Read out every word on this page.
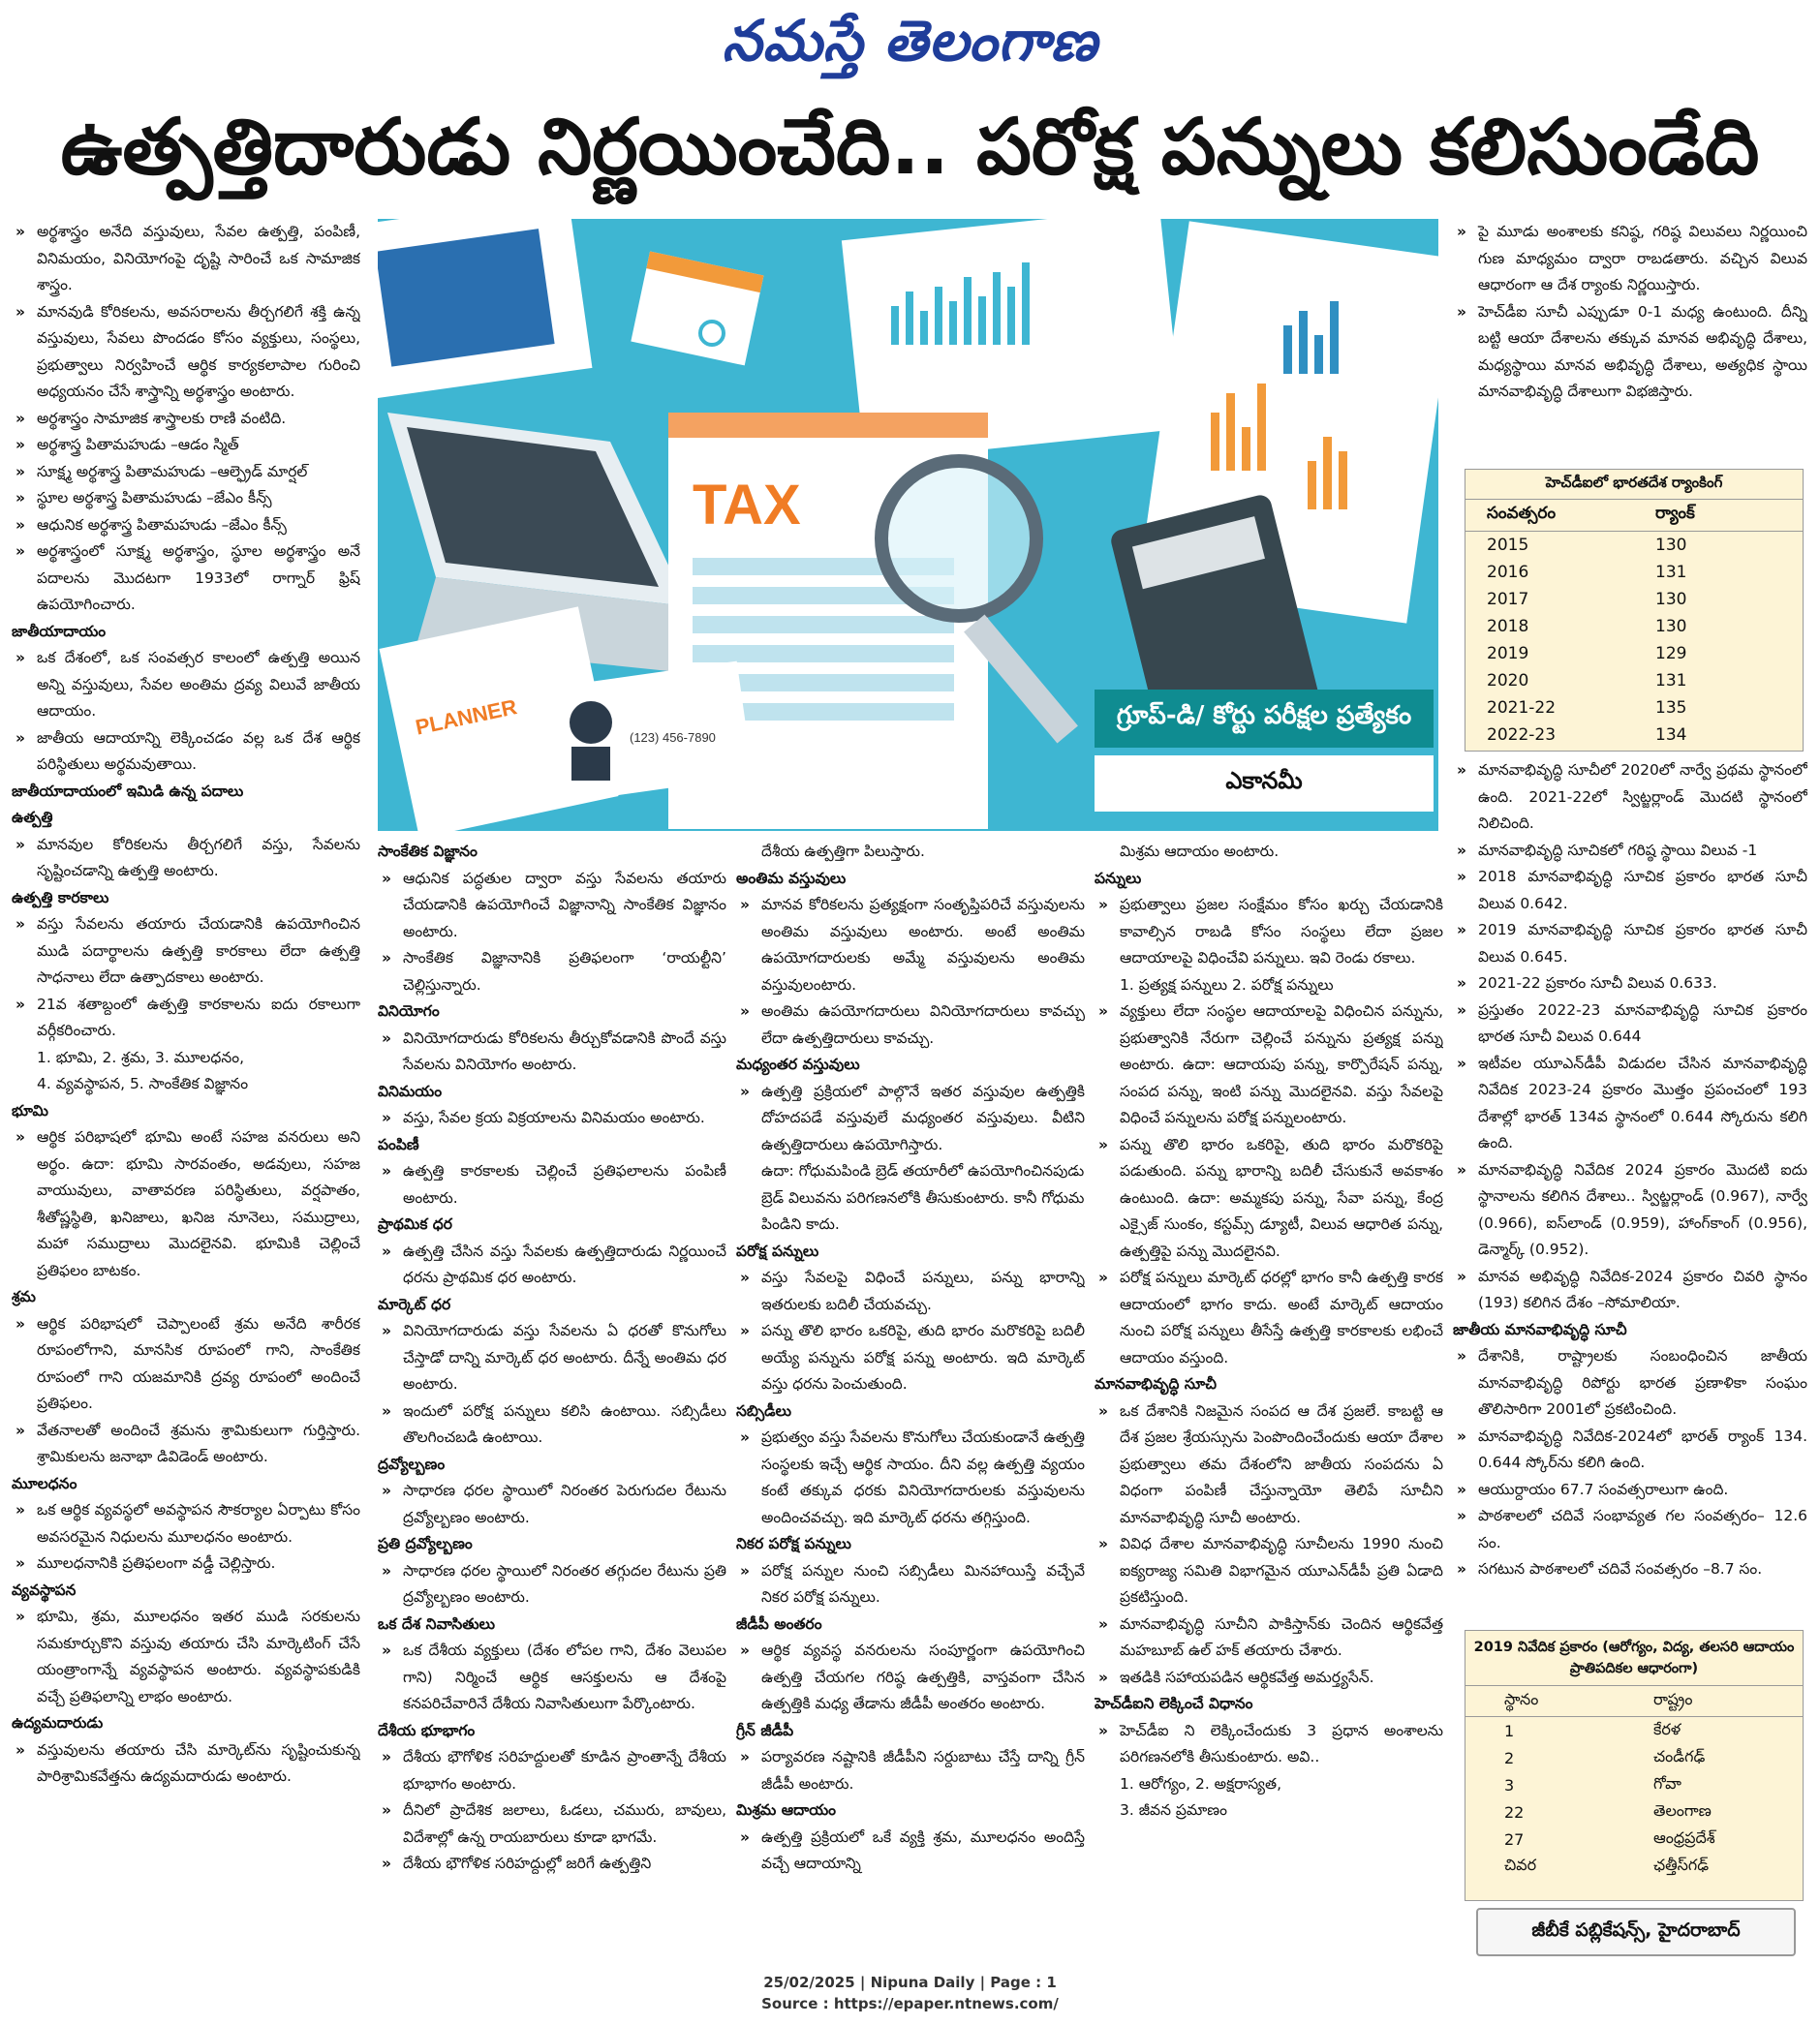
నమస్తే తెలంగాణ
ఉత్పత్తిదారుడు నిర్ణయించేది.. పరోక్ష పన్నులు కలిసుండేది

» అర్థశాస్త్రం అనేది వస్తువులు, సేవల ఉత్పత్తి, పంపిణీ, వినిమయం, వినియోగంపై దృష్టి సారించే ఒక సామాజిక శాస్త్రం.

» మానవుడి కోరికలను, అవసరాలను తీర్చగలిగే శక్తి ఉన్న వస్తువులు, సేవలు పొందడం కోసం వ్యక్తులు, సంస్థలు, ప్రభుత్వాలు నిర్వహించే ఆర్థిక కార్యకలాపాల గురించి అధ్యయనం చేసే శాస్త్రాన్ని అర్థశాస్త్రం అంటారు.

» అర్థశాస్త్రం సామాజిక శాస్త్రాలకు రాణి వంటిది.

» అర్థశాస్త్ర పితామహుడు –ఆడం స్మిత్

» సూక్ష్మ అర్థశాస్త్ర పితామహుడు –ఆల్ఫ్రెడ్ మార్షల్

» స్థూల అర్థశాస్త్ర పితామహుడు –జేఎం కీన్స్

» ఆధునిక అర్థశాస్త్ర పితామహుడు –జేఎం కీన్స్

» అర్థశాస్త్రంలో సూక్ష్మ అర్థశాస్త్రం, స్థూల అర్థశాస్త్రం అనే పదాలను మొదటగా 1933లో రాగ్నార్ ఫ్రిష్ ఉపయోగించారు.

జాతీయాదాయం

» ఒక దేశంలో, ఒక సంవత్సర కాలంలో ఉత్పత్తి అయిన అన్ని వస్తువులు, సేవల అంతిమ ద్రవ్య విలువే జాతీయ ఆదాయం.

» జాతీయ ఆదాయాన్ని లెక్కించడం వల్ల ఒక దేశ ఆర్థిక పరిస్థితులు అర్థమవుతాయి.

జాతీయాదాయంలో ఇమిడి ఉన్న పదాలు

ఉత్పత్తి

» మానవుల కోరికలను తీర్చగలిగే వస్తు, సేవలను సృష్టించడాన్ని ఉత్పత్తి అంటారు.

ఉత్పత్తి కారకాలు

» వస్తు సేవలను తయారు చేయడానికి ఉపయోగించిన ముడి పదార్థాలను ఉత్పత్తి కారకాలు లేదా ఉత్పత్తి సాధనాలు లేదా ఉత్పాదకాలు అంటారు.

» 21వ శతాబ్దంలో ఉత్పత్తి కారకాలను ఐదు రకాలుగా వర్గీకరించారు.

1. భూమి, 2. శ్రమ, 3. మూలధనం,

4. వ్యవస్థాపన, 5. సాంకేతిక విజ్ఞానం

భూమి

» ఆర్థిక పరిభాషలో భూమి అంటే సహజ వనరులు అని అర్థం. ఉదా: భూమి సారవంతం, అడవులు, సహజ వాయువులు, వాతావరణ పరిస్థితులు, వర్షపాతం, శీతోష్ణస్థితి, ఖనిజాలు, ఖనిజ నూనెలు, సముద్రాలు, మహా సముద్రాలు మొదలైనవి. భూమికి చెల్లించే ప్రతిఫలం బాటకం.

శ్రమ

» ఆర్థిక పరిభాషలో చెప్పాలంటే శ్రమ అనేది శారీరక రూపంలోగాని, మానసిక రూపంలో గాని, సాంకేతిక రూపంలో గాని యజమానికి ద్రవ్య రూపంలో అందించే ప్రతిఫలం.

» వేతనాలతో అందించే శ్రమను శ్రామికులుగా గుర్తిస్తారు. శ్రామికులను జనాభా డివిడెండ్ అంటారు.

మూలధనం

» ఒక ఆర్థిక వ్యవస్థలో అవస్థాపన సౌకర్యాల ఏర్పాటు కోసం అవసరమైన నిధులను మూలధనం అంటారు.

» మూలధనానికి ప్రతిఫలంగా వడ్డీ చెల్లిస్తారు.

వ్యవస్థాపన

» భూమి, శ్రమ, మూలధనం ఇతర ముడి సరకులను సమకూర్చుకొని వస్తువు తయారు చేసి మార్కెటింగ్ చేసే యంత్రాంగాన్నే వ్యవస్థాపన అంటారు. వ్యవస్థాపకుడికి వచ్చే ప్రతిఫలాన్ని లాభం అంటారు.

ఉద్యమదారుడు

» వస్తువులను తయారు చేసి మార్కెట్‌ను సృష్టించుకున్న పారిశ్రామికవేత్తను ఉద్యమదారుడు అంటారు.

TAX
PLANNER	(123) 456-7890
గ్రూప్-డి/ కోర్టు పరీక్షల ప్రత్యేకం
ఎకానమీ

సాంకేతిక విజ్ఞానం

» ఆధునిక పద్ధతుల ద్వారా వస్తు సేవలను తయారు చేయడానికి ఉపయోగించే విజ్ఞానాన్ని సాంకేతిక విజ్ఞానం అంటారు.

» సాంకేతిక విజ్ఞానానికి ప్రతిఫలంగా ‘రాయల్టీని’ చెల్లిస్తున్నారు.

వినియోగం

» వినియోగదారుడు కోరికలను తీర్చుకోవడానికి పొందే వస్తు సేవలను వినియోగం అంటారు.

వినిమయం

» వస్తు, సేవల క్రయ విక్రయాలను వినిమయం అంటారు.

పంపిణీ

» ఉత్పత్తి కారకాలకు చెల్లించే ప్రతిఫలాలను పంపిణీ అంటారు.

ప్రాథమిక ధర

» ఉత్పత్తి చేసిన వస్తు సేవలకు ఉత్పత్తిదారుడు నిర్ణయించే ధరను ప్రాథమిక ధర అంటారు.

మార్కెట్ ధర

» వినియోగదారుడు వస్తు సేవలను ఏ ధరతో కొనుగోలు చేస్తాడో దాన్ని మార్కెట్ ధర అంటారు. దీన్నే అంతిమ ధర అంటారు.

» ఇందులో పరోక్ష పన్నులు కలిసి ఉంటాయి. సబ్సిడీలు తొలగించబడి ఉంటాయి.

ద్రవ్యోల్బణం

» సాధారణ ధరల స్థాయిలో నిరంతర పెరుగుదల రేటును ద్రవ్యోల్బణం అంటారు.

ప్రతి ద్రవ్యోల్బణం

» సాధారణ ధరల స్థాయిలో నిరంతర తగ్గుదల రేటును ప్రతి ద్రవ్యోల్బణం అంటారు.

ఒక దేశ నివాసితులు

» ఒక దేశీయ వ్యక్తులు (దేశం లోపల గాని, దేశం వెలుపల గాని) నిర్మించే ఆర్థిక ఆసక్తులను ఆ దేశంపై కనపరిచేవారినే దేశీయ నివాసితులుగా పేర్కొంటారు.

దేశీయ భూభాగం

» దేశీయ భౌగోళిక సరిహద్దులతో కూడిన ప్రాంతాన్నే దేశీయ భూభాగం అంటారు.

» దీనిలో ప్రాదేశిక జలాలు, ఓడలు, చమురు, బావులు, విదేశాల్లో ఉన్న రాయబారులు కూడా భాగమే.

» దేశీయ భౌగోళిక సరిహద్దుల్లో జరిగే ఉత్పత్తిని

దేశీయ ఉత్పత్తిగా పిలుస్తారు.

అంతిమ వస్తువులు

» మానవ కోరికలను ప్రత్యక్షంగా సంతృప్తిపరిచే వస్తువులను అంతిమ వస్తువులు అంటారు. అంటే అంతిమ ఉపయోగదారులకు అమ్మే వస్తువులను అంతిమ వస్తువులంటారు.

» అంతిమ ఉపయోగదారులు వినియోగదారులు కావచ్చు లేదా ఉత్పత్తిదారులు కావచ్చు.

మధ్యంతర వస్తువులు

» ఉత్పత్తి ప్రక్రియలో పాల్గొనే ఇతర వస్తువుల ఉత్పత్తికి దోహదపడే వస్తువులే మధ్యంతర వస్తువులు. వీటిని ఉత్పత్తిదారులు ఉపయోగిస్తారు.

ఉదా: గోధుమపిండి బ్రెడ్ తయారీలో ఉపయోగించినపుడు బ్రెడ్ విలువను పరిగణనలోకి తీసుకుంటారు. కానీ గోధుమ పిండిని కాదు.

పరోక్ష పన్నులు

» వస్తు సేవలపై విధించే పన్నులు, పన్ను భారాన్ని ఇతరులకు బదిలీ చేయవచ్చు.

» పన్ను తొలి భారం ఒకరిపై, తుది భారం మరొకరిపై బదిలీ అయ్యే పన్నును పరోక్ష పన్ను అంటారు. ఇది మార్కెట్ వస్తు ధరను పెంచుతుంది.

సబ్సిడీలు

» ప్రభుత్వం వస్తు సేవలను కొనుగోలు చేయకుండానే ఉత్పత్తి సంస్థలకు ఇచ్చే ఆర్థిక సాయం. దీని వల్ల ఉత్పత్తి వ్యయం కంటే తక్కువ ధరకు వినియోగదారులకు వస్తువులను అందించవచ్చు. ఇది మార్కెట్ ధరను తగ్గిస్తుంది.

నికర పరోక్ష పన్నులు

» పరోక్ష పన్నుల నుంచి సబ్సిడీలు మినహాయిస్తే వచ్చేవే నికర పరోక్ష పన్నులు.

జీడీపీ అంతరం

» ఆర్థిక వ్యవస్థ వనరులను సంపూర్ణంగా ఉపయోగించి ఉత్పత్తి చేయగల గరిష్ఠ ఉత్పత్తికి, వాస్తవంగా చేసిన ఉత్పత్తికి మధ్య తేడాను జీడీపీ అంతరం అంటారు.

గ్రీన్ జీడీపీ

» పర్యావరణ నష్టానికి జీడీపీని సర్దుబాటు చేస్తే దాన్ని గ్రీన్ జీడీపీ అంటారు.

మిశ్రమ ఆదాయం

» ఉత్పత్తి ప్రక్రియలో ఒకే వ్యక్తి శ్రమ, మూలధనం అందిస్తే వచ్చే ఆదాయాన్ని

మిశ్రమ ఆదాయం అంటారు.

పన్నులు

» ప్రభుత్వాలు ప్రజల సంక్షేమం కోసం ఖర్చు చేయడానికి కావాల్సిన రాబడి కోసం సంస్థలు లేదా ప్రజల ఆదాయాలపై విధించేవి పన్నులు. ఇవి రెండు రకాలు.

1. ప్రత్యక్ష పన్నులు 2. పరోక్ష పన్నులు

» వ్యక్తులు లేదా సంస్థల ఆదాయాలపై విధించిన పన్నును, ప్రభుత్వానికి నేరుగా చెల్లించే పన్నును ప్రత్యక్ష పన్ను అంటారు. ఉదా: ఆదాయపు పన్ను, కార్పొరేషన్ పన్ను, సంపద పన్ను, ఇంటి పన్ను మొదలైనవి. వస్తు సేవలపై విధించే పన్నులను పరోక్ష పన్నులంటారు.

» పన్ను తొలి భారం ఒకరిపై, తుది భారం మరొకరిపై పడుతుంది. పన్ను భారాన్ని బదిలీ చేసుకునే అవకాశం ఉంటుంది. ఉదా: అమ్మకపు పన్ను, సేవా పన్ను, కేంద్ర ఎక్సైజ్ సుంకం, కస్టమ్స్ డ్యూటీ, విలువ ఆధారిత పన్ను, ఉత్పత్తిపై పన్ను మొదలైనవి.

» పరోక్ష పన్నులు మార్కెట్ ధరల్లో భాగం కానీ ఉత్పత్తి కారక ఆదాయంలో భాగం కాదు. అంటే మార్కెట్ ఆదాయం నుంచి పరోక్ష పన్నులు తీసేస్తే ఉత్పత్తి కారకాలకు లభించే ఆదాయం వస్తుంది.

మానవాభివృద్ధి సూచీ

» ఒక దేశానికి నిజమైన సంపద ఆ దేశ ప్రజలే. కాబట్టి ఆ దేశ ప్రజల శ్రేయస్సును పెంపొందించేందుకు ఆయా దేశాల ప్రభుత్వాలు తమ దేశంలోని జాతీయ సంపదను ఏ విధంగా పంపిణీ చేస్తున్నాయో తెలిపే సూచీని మానవాభివృద్ధి సూచీ అంటారు.

» వివిధ దేశాల మానవాభివృద్ధి సూచీలను 1990 నుంచి ఐక్యరాజ్య సమితి విభాగమైన యూఎన్‌డీపీ ప్రతి ఏడాది ప్రకటిస్తుంది.

» మానవాభివృద్ధి సూచీని పాకిస్తాన్‌కు చెందిన ఆర్థికవేత్త మహబూబ్ ఉల్ హక్ తయారు చేశారు.

» ఇతడికి సహాయపడిన ఆర్థికవేత్త అమర్త్యసేన్.

హెచ్‌డీఐని లెక్కించే విధానం

» హెచ్‌డీఐ ని లెక్కించేందుకు 3 ప్రధాన అంశాలను పరిగణనలోకి తీసుకుంటారు. అవి..

1. ఆరోగ్యం, 2. అక్షరాస్యత,

3. జీవన ప్రమాణం

» పై మూడు అంశాలకు కనిష్ఠ, గరిష్ఠ విలువలు నిర్ణయించి గుణ మాధ్యమం ద్వారా రాబడతారు. వచ్చిన విలువ ఆధారంగా ఆ దేశ ర్యాంకు నిర్ణయిస్తారు.

» హెచ్‌డీఐ సూచీ ఎప్పుడూ 0-1 మధ్య ఉంటుంది. దీన్ని బట్టి ఆయా దేశాలను తక్కువ మానవ అభివృద్ధి దేశాలు, మధ్యస్థాయి మానవ అభివృద్ధి దేశాలు, అత్యధిక స్థాయి మానవాభివృద్ధి దేశాలుగా విభజిస్తారు.

హెచ్‌డీఐలో భారతదేశ ర్యాంకింగ్
సంవత్సరం	ర్యాంక్
2015	130
2016	131
2017	130
2018	130
2019	129
2020	131
2021-22	135
2022-23	134

» మానవాభివృద్ధి సూచీలో 2020లో నార్వే ప్రథమ స్థానంలో ఉంది. 2021-22లో స్విట్జర్లాండ్ మొదటి స్థానంలో నిలిచింది.

» మానవాభివృద్ధి సూచికలో గరిష్ఠ స్థాయి విలువ -1

» 2018 మానవాభివృద్ధి సూచిక ప్రకారం భారత సూచీ విలువ 0.642.

» 2019 మానవాభివృద్ధి సూచిక ప్రకారం భారత సూచీ విలువ 0.645.

» 2021-22 ప్రకారం సూచీ విలువ 0.633.

» ప్రస్తుతం 2022-23 మానవాభివృద్ధి సూచిక ప్రకారం భారత సూచీ విలువ 0.644

» ఇటీవల యూఎన్‌డీపీ విడుదల చేసిన మానవాభివృద్ధి నివేదిక 2023-24 ప్రకారం మొత్తం ప్రపంచంలో 193 దేశాల్లో భారత్ 134వ స్థానంలో 0.644 స్కోరును కలిగి ఉంది.

» మానవాభివృద్ధి నివేదిక 2024 ప్రకారం మొదటి ఐదు స్థానాలను కలిగిన దేశాలు.. స్విట్జర్లాండ్ (0.967), నార్వే (0.966), ఐస్‌లాండ్ (0.959), హాంగ్‌కాంగ్ (0.956), డెన్మార్క్ (0.952).

» మానవ అభివృద్ధి నివేదిక-2024 ప్రకారం చివరి స్థానం (193) కలిగిన దేశం –సోమాలియా.

జాతీయ మానవాభివృద్ధి సూచీ

» దేశానికి, రాష్ట్రాలకు సంబంధించిన జాతీయ మానవాభివృద్ధి రిపోర్టు భారత ప్రణాళికా సంఘం తొలిసారిగా 2001లో ప్రకటించింది.

» మానవాభివృద్ధి నివేదిక-2024లో భారత్ ర్యాంక్ 134. 0.644 స్కోర్‌ను కలిగి ఉంది.

» ఆయుర్దాయం 67.7 సంవత్సరాలుగా ఉంది.

» పాఠశాలలో చదివే సంభావ్యత గల సంవత్సరం– 12.6 సం.

» సగటున పాఠశాలలో చదివే సంవత్సరం –8.7 సం.

2019 నివేదిక ప్రకారం (ఆరోగ్యం, విద్య, తలసరి ఆదాయం ప్రాతిపదికల ఆధారంగా)
స్థానం	రాష్ట్రం
1	కేరళ
2	చండీగఢ్
3	గోవా
22	తెలంగాణ
27	ఆంధ్రప్రదేశ్
చివర	ఛత్తీస్‌గఢ్
జీబీకే పబ్లికేషన్స్, హైదరాబాద్
25/02/2025 | Nipuna Daily | Page : 1
Source : https://epaper.ntnews.com/
